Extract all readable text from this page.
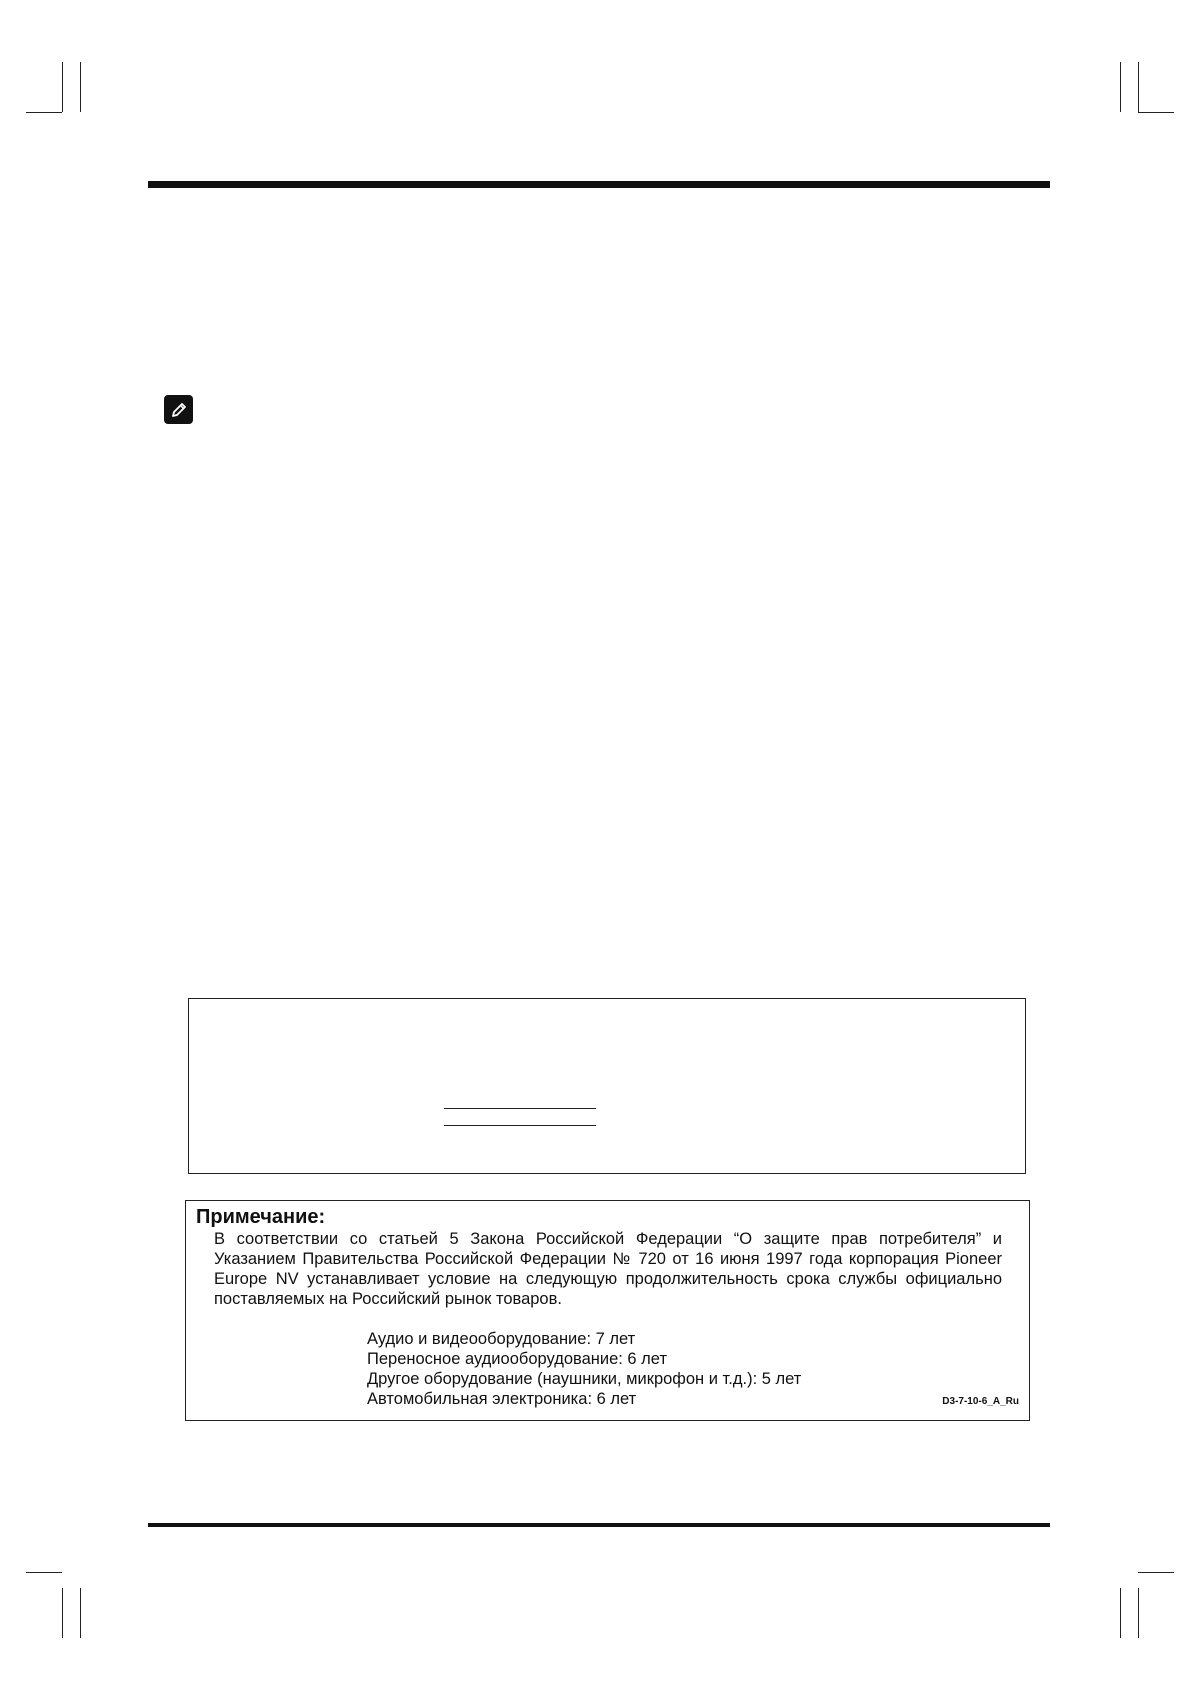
Примечание:

В соответствии со статьей 5 Закона Российской Федерации “О защите прав потребителя” и Указанием Правительства Российской Федерации № 720 от 16 июня 1997 года корпорация Pioneer Europe NV устанавливает условие на следующую продолжительность срока службы официально поставляемых на Российский рынок товаров.

Аудио и видеооборудование: 7 лет
Переносное аудиооборудование: 6 лет
Другое оборудование (наушники, микрофон и т.д.): 5 лет
Автомобильная электроника: 6 лет	D3-7-10-6_A_Ru
